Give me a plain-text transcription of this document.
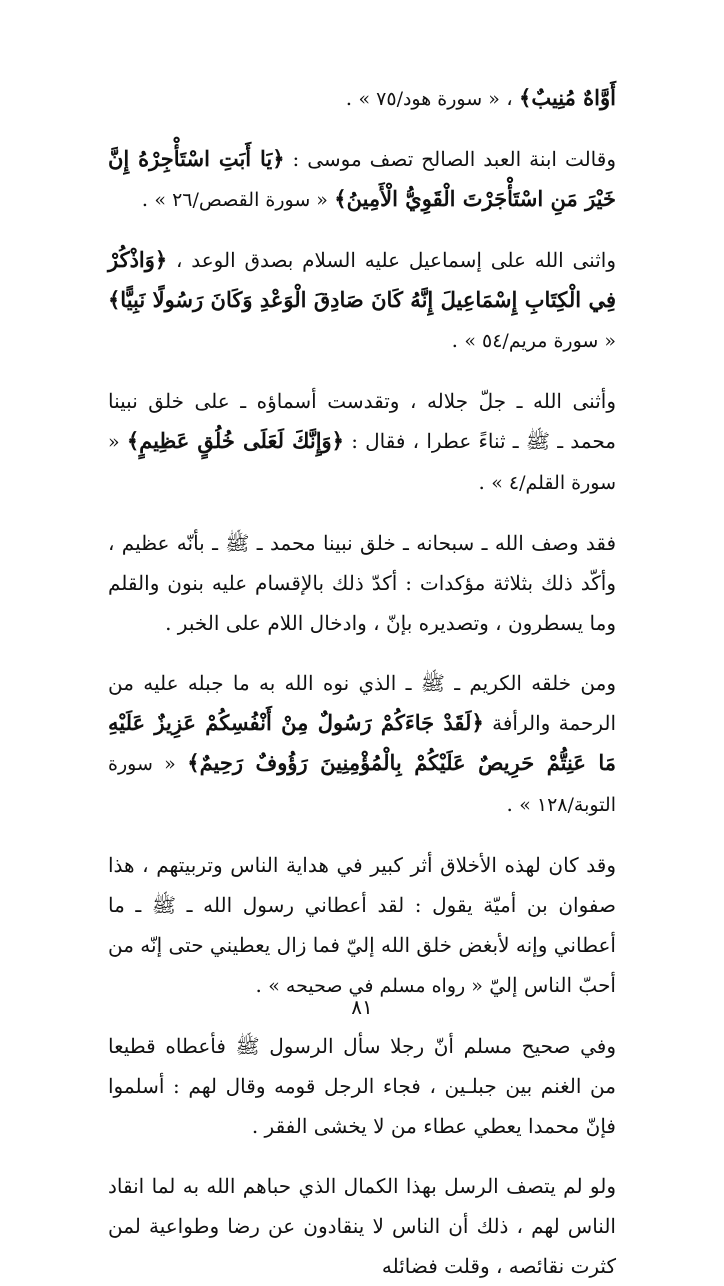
أَوَّاهٌ مُنِيبٌ﴾ ، « سورة هود/٧٥ » .

وقالت ابنة العبد الصالح تصف موسى : ﴿يَا أَبَتِ اسْتَأْجِرْهُ إِنَّ خَيْرَ مَنِ اسْتَأْجَرْتَ الْقَوِيُّ الْأَمِينُ﴾ « سورة القصص/٢٦ » .

واثنى الله على إسماعيل عليه السلام بصدق الوعد ، ﴿وَاذْكُرْ فِي الْكِتَابِ إِسْمَاعِيلَ إِنَّهُ كَانَ صَادِقَ الْوَعْدِ وَكَانَ رَسُولًا نَبِيًّا﴾ « سورة مريم/٥٤ » .

وأثنى الله ـ جلّ جلاله ، وتقدست أسماؤه ـ على خلق نبينا محمد ـ ﷺ ـ ثناءً عطرا ، فقال : ﴿وَإِنَّكَ لَعَلَى خُلُقٍ عَظِيمٍ﴾ « سورة القلم/٤ » .

فقد وصف الله ـ سبحانه ـ خلق نبينا محمد ـ ﷺ ـ بأنّه عظيم ، وأكّد ذلك بثلاثة مؤكدات : أكدّ ذلك بالإقسام عليه بنون والقلم وما يسطرون ، وتصديره بإنّ ، وادخال اللام على الخبر .

ومن خلقه الكريم ـ ﷺ ـ الذي نوه الله به ما جبله عليه من الرحمة والرأفة ﴿لَقَدْ جَاءَكُمْ رَسُولٌ مِنْ أَنْفُسِكُمْ عَزِيزٌ عَلَيْهِ مَا عَنِتُّمْ حَرِيصٌ عَلَيْكُمْ بِالْمُؤْمِنِينَ رَؤُوفٌ رَحِيمٌ﴾ « سورة التوبة/١٢٨ » .

وقد كان لهذه الأخلاق أثر كبير في هداية الناس وتربيتهم ، هذا صفوان بن أميّة يقول : لقد أعطاني رسول الله ـ ﷺ ـ ما أعطاني وإنه لأبغض خلق الله إليّ فما زال يعطيني حتى إنّه من أحبّ الناس إليّ « رواه مسلم في صحيحه » .

وفي صحيح مسلم أنّ رجلا سأل الرسول ﷺ فأعطاه قطيعا من الغنم بين جبلـين ، فجاء الرجل قومه وقال لهم : أسلموا فإنّ محمدا يعطي عطاء من لا يخشى الفقر .

ولو لم يتصف الرسل بهذا الكمال الذي حباهم الله به لما انقاد الناس لهم ، ذلك أن الناس لا ينقادون عن رضا وطواعية لمن كثرت نقائصه ، وقلت فضائله

٨١
